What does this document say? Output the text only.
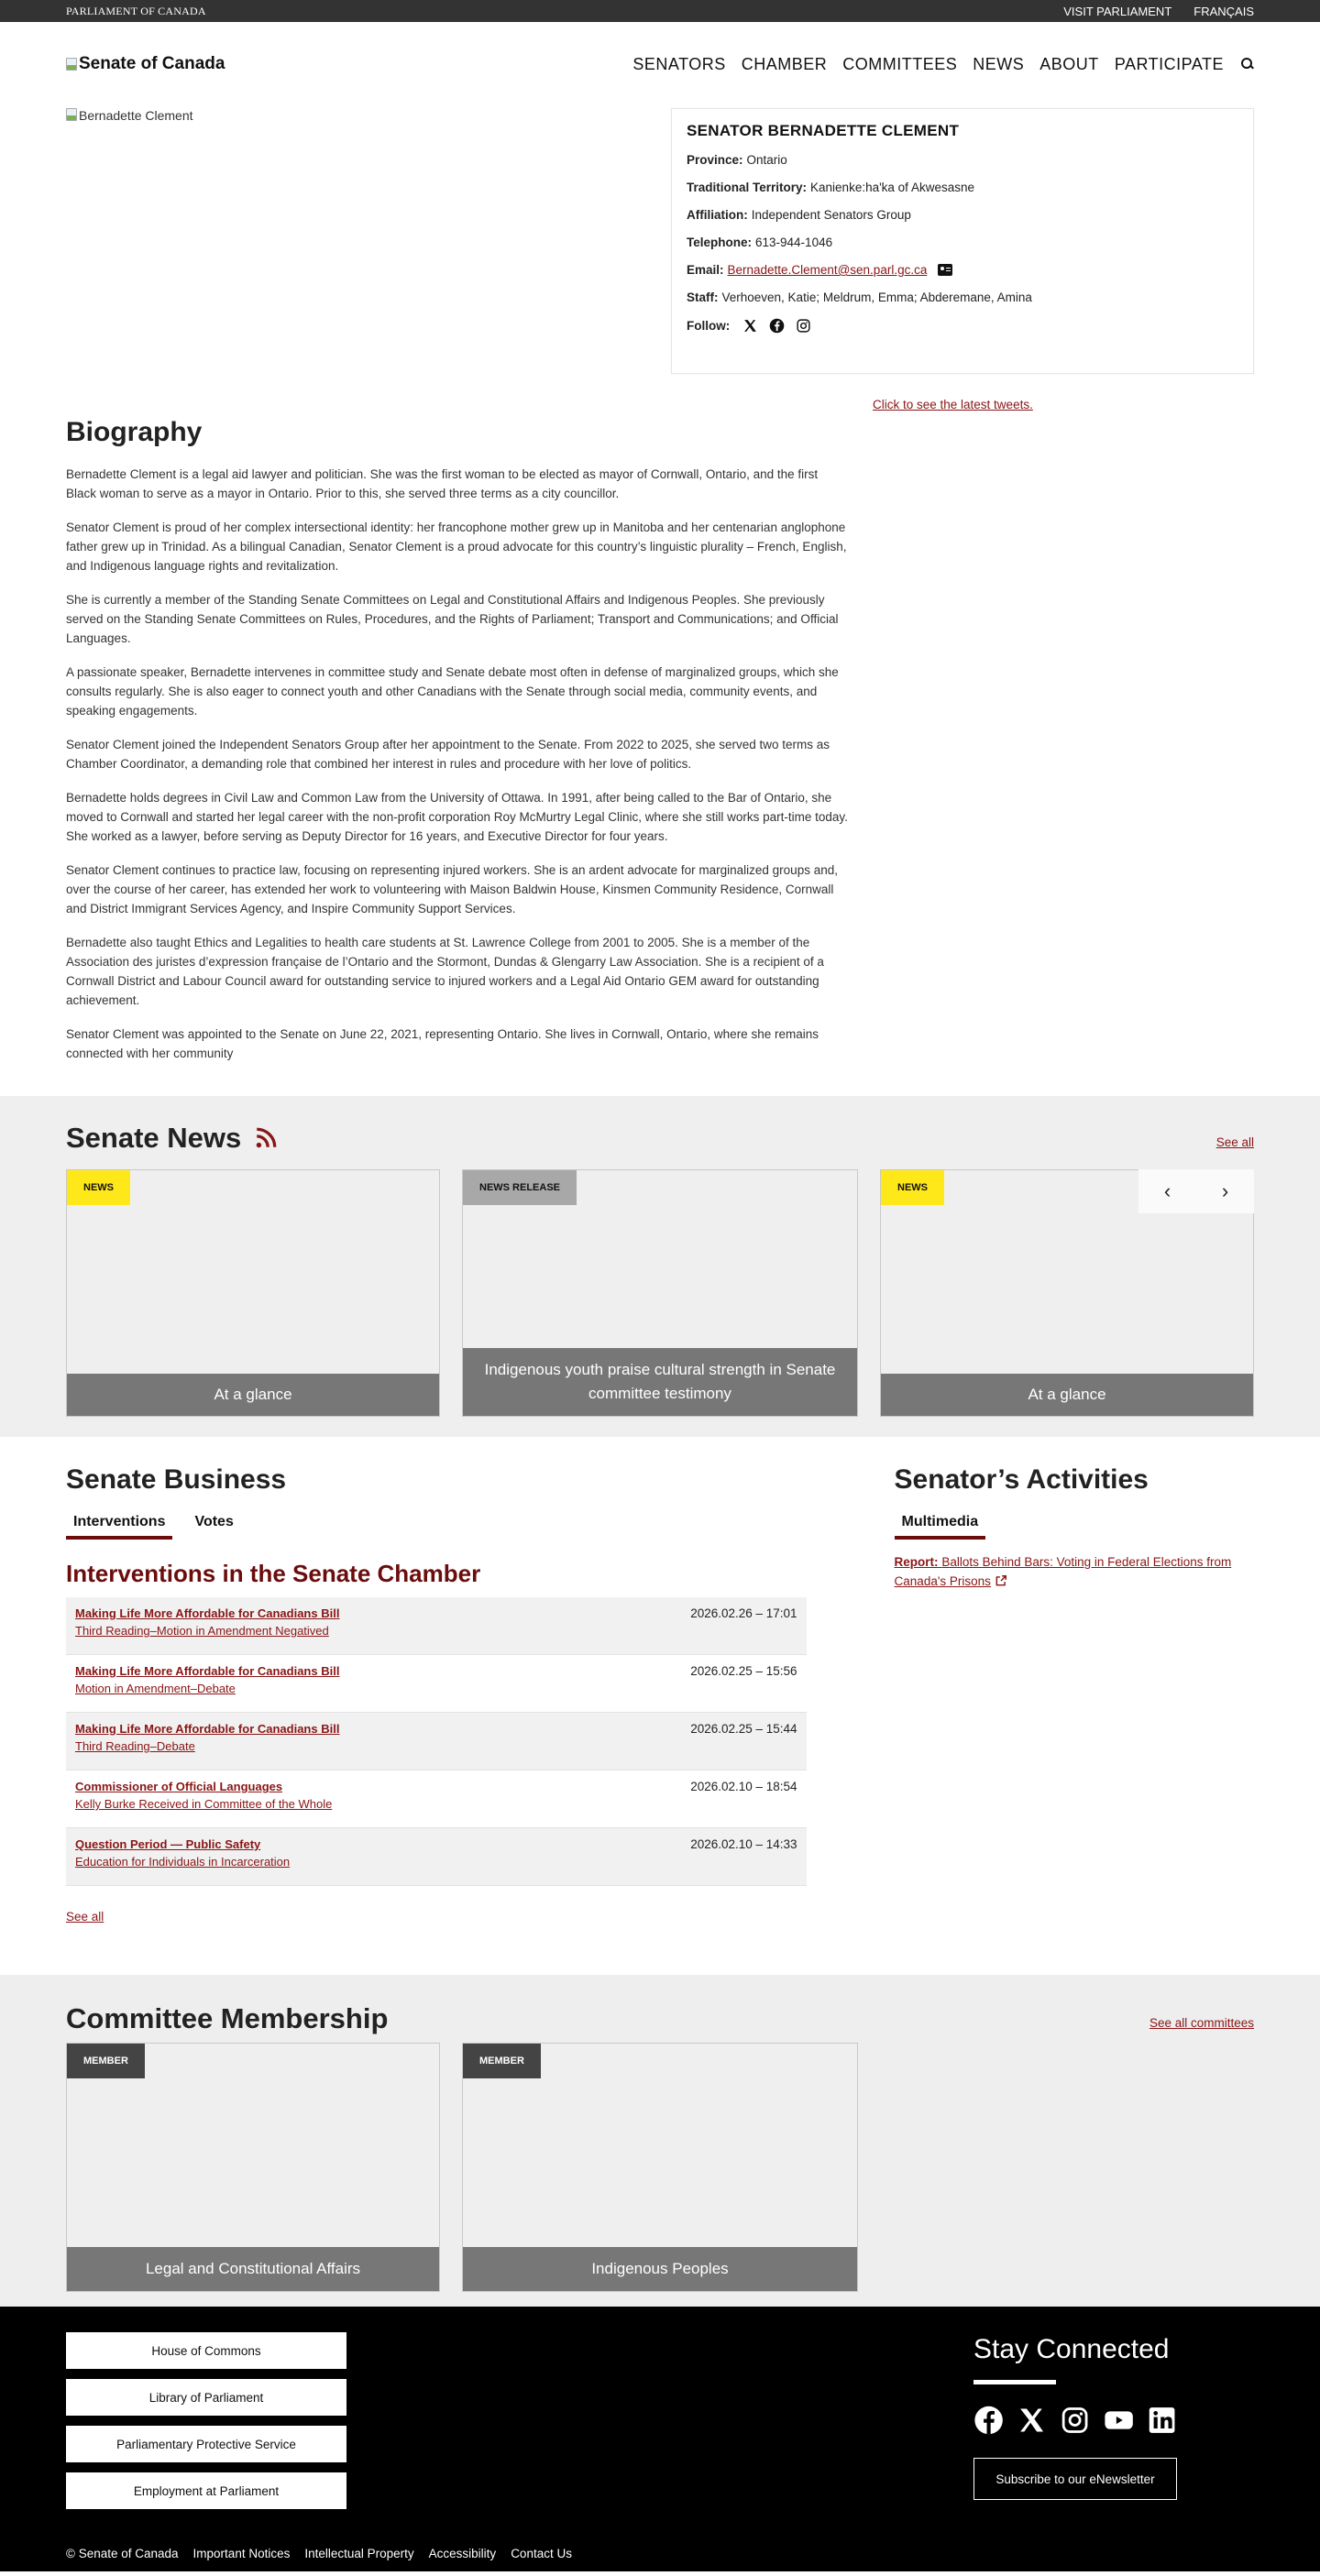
PARLIAMENT OF CANADA	VISIT PARLIAMENT FRANÇAIS
Senate of Canada	SENATORS CHAMBER COMMITTEES NEWS ABOUT PARTICIPATE
Bernadette Clement
SENATOR BERNADETTE CLEMENT
Province: Ontario
Traditional Territory: Kanienke:ha'ka of Akwesasne
Affiliation: Independent Senators Group
Telephone: 613-944-1046
Email: Bernadette.Clement@sen.parl.gc.ca
Staff: Verhoeven, Katie; Meldrum, Emma; Abderemane, Amina
Follow:
Click to see the latest tweets.
Biography

Bernadette Clement is a legal aid lawyer and politician. She was the first woman to be elected as mayor of Cornwall, Ontario, and the first Black woman to serve as a mayor in Ontario. Prior to this, she served three terms as a city councillor.

Senator Clement is proud of her complex intersectional identity: her francophone mother grew up in Manitoba and her centenarian anglophone father grew up in Trinidad. As a bilingual Canadian, Senator Clement is a proud advocate for this country’s linguistic plurality – French, English, and Indigenous language rights and revitalization.

She is currently a member of the Standing Senate Committees on Legal and Constitutional Affairs and Indigenous Peoples. She previously served on the Standing Senate Committees on Rules, Procedures, and the Rights of Parliament; Transport and Communications; and Official Languages.

A passionate speaker, Bernadette intervenes in committee study and Senate debate most often in defense of marginalized groups, which she consults regularly. She is also eager to connect youth and other Canadians with the Senate through social media, community events, and speaking engagements.

Senator Clement joined the Independent Senators Group after her appointment to the Senate. From 2022 to 2025, she served two terms as Chamber Coordinator, a demanding role that combined her interest in rules and procedure with her love of politics.

Bernadette holds degrees in Civil Law and Common Law from the University of Ottawa. In 1991, after being called to the Bar of Ontario, she moved to Cornwall and started her legal career with the non-profit corporation Roy McMurtry Legal Clinic, where she still works part-time today. She worked as a lawyer, before serving as Deputy Director for 16 years, and Executive Director for four years.

Senator Clement continues to practice law, focusing on representing injured workers. She is an ardent advocate for marginalized groups and, over the course of her career, has extended her work to volunteering with Maison Baldwin House, Kinsmen Community Residence, Cornwall and District Immigrant Services Agency, and Inspire Community Support Services.

Bernadette also taught Ethics and Legalities to health care students at St. Lawrence College from 2001 to 2005. She is a member of the Association des juristes d’expression française de l’Ontario and the Stormont, Dundas & Glengarry Law Association. She is a recipient of a Cornwall District and Labour Council award for outstanding service to injured workers and a Legal Aid Ontario GEM award for outstanding achievement.

Senator Clement was appointed to the Senate on June 22, 2021, representing Ontario. She lives in Cornwall, Ontario, where she remains connected with her community

Senate News	See all
NEWS
At a glance
NEWS RELEASE
Indigenous youth praise cultural strength in Senate committee testimony
NEWS
At a glance
‹	›
Senate Business
Interventions	Votes
Interventions in the Senate Chamber
Making Life More Affordable for Canadians Bill
Third Reading–Motion in Amendment Negatived
2026.02.26 – 17:01
Making Life More Affordable for Canadians Bill
Motion in Amendment–Debate
2026.02.25 – 15:56
Making Life More Affordable for Canadians Bill
Third Reading–Debate
2026.02.25 – 15:44
Commissioner of Official Languages
Kelly Burke Received in Committee of the Whole
2026.02.10 – 18:54
Question Period — Public Safety
Education for Individuals in Incarceration
2026.02.10 – 14:33
See all
Senator’s Activities
Multimedia
Report: Ballots Behind Bars: Voting in Federal Elections from Canada's Prisons
Committee Membership	See all committees
MEMBER
Legal and Constitutional Affairs
MEMBER
Indigenous Peoples
House of Commons
Library of Parliament
Parliamentary Protective Service
Employment at Parliament
Stay Connected
Subscribe to our eNewsletter
© Senate of Canada Important Notices Intellectual Property Accessibility Contact Us
